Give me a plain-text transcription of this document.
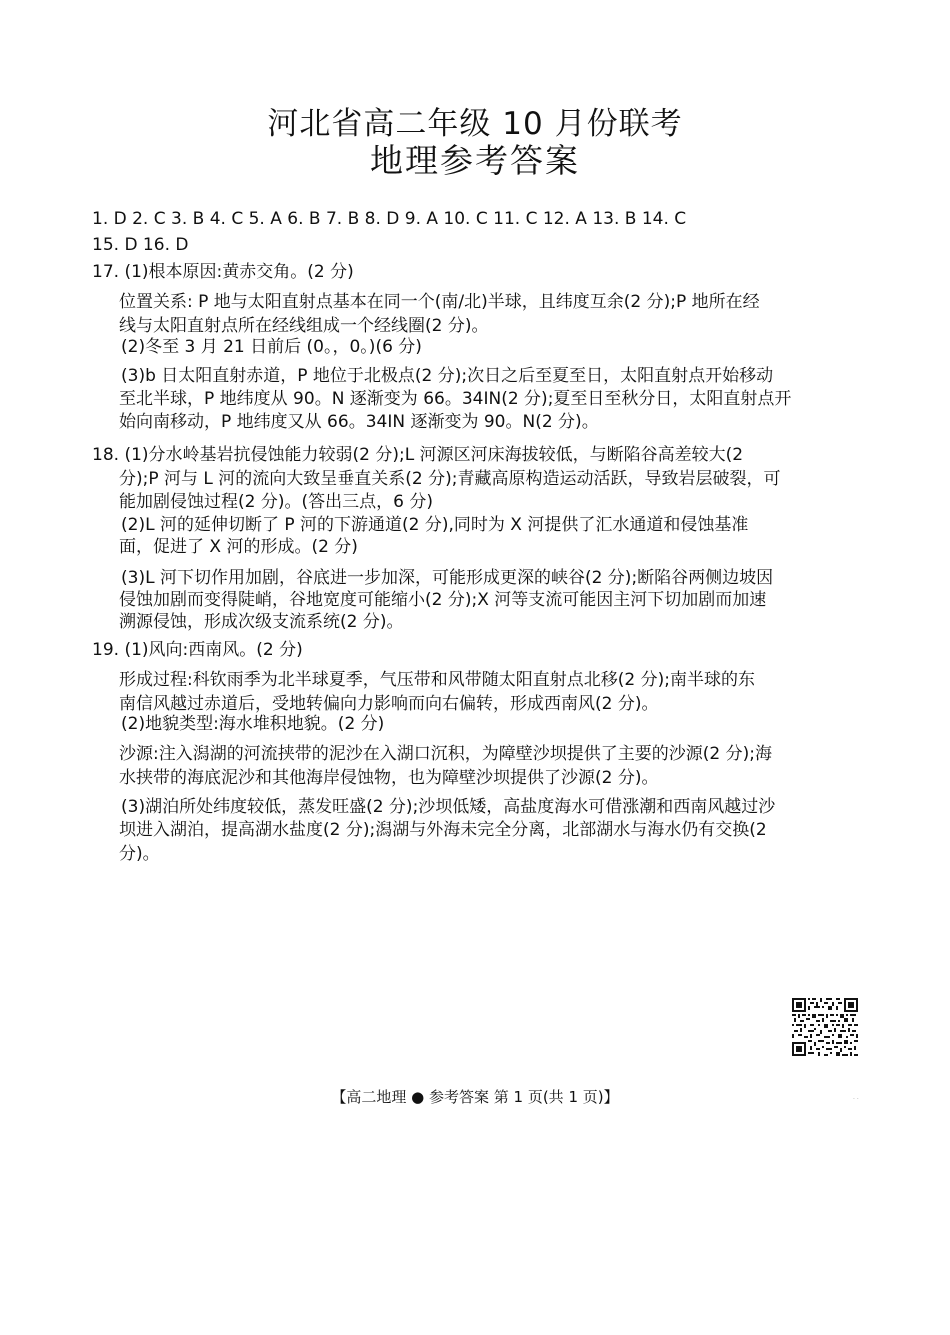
河北省高二年级 10 月份联考
地理参考答案
1. D 2. C 3. B 4. C 5. A 6. B 7. B 8. D 9. A 10. C 11. C 12. A 13. B 14. C
15. D 16. D
17. (1)根本原因:黄赤交角。(2 分)
位置关系: P 地与太阳直射点基本在同一个(南/北)半球，且纬度互余(2 分);P 地所在经
线与太阳直射点所在经线组成一个经线圈(2 分)。
(2)冬至 3 月 21 日前后 (0。，0。)(6 分)
(3)b 日太阳直射赤道，P 地位于北极点(2 分);次日之后至夏至日，太阳直射点开始移动
至北半球，P 地纬度从 90。N 逐渐变为 66。34IN(2 分);夏至日至秋分日，太阳直射点开
始向南移动，P 地纬度又从 66。34IN 逐渐变为 90。N(2 分)。
18. (1)分水岭基岩抗侵蚀能力较弱(2 分);L 河源区河床海拔较低，与断陷谷高差较大(2
分);P 河与 L 河的流向大致呈垂直关系(2 分);青藏高原构造运动活跃，导致岩层破裂，可
能加剧侵蚀过程(2 分)。(答出三点，6 分)
(2)L 河的延伸切断了 P 河的下游通道(2 分),同时为 X 河提供了汇水通道和侵蚀基准
面，促进了 X 河的形成。(2 分)
(3)L 河下切作用加剧，谷底进一步加深，可能形成更深的峡谷(2 分);断陷谷两侧边坡因
侵蚀加剧而变得陡峭，谷地宽度可能缩小(2 分);X 河等支流可能因主河下切加剧而加速
溯源侵蚀，形成次级支流系统(2 分)。
19. (1)风向:西南风。(2 分)
形成过程:科钦雨季为北半球夏季，气压带和风带随太阳直射点北移(2 分);南半球的东
南信风越过赤道后，受地转偏向力影响而向右偏转，形成西南风(2 分)。
(2)地貌类型:海水堆积地貌。(2 分)
沙源:注入潟湖的河流挟带的泥沙在入湖口沉积，为障壁沙坝提供了主要的沙源(2 分);海
水挟带的海底泥沙和其他海岸侵蚀物，也为障壁沙坝提供了沙源(2 分)。
(3)湖泊所处纬度较低，蒸发旺盛(2 分);沙坝低矮，高盐度海水可借涨潮和西南风越过沙
坝进入湖泊，提高湖水盐度(2 分);潟湖与外海未完全分离，北部湖水与海水仍有交换(2
分)。
【高二地理 ● 参考答案 第 1 页(共 1 页)】	· ·
